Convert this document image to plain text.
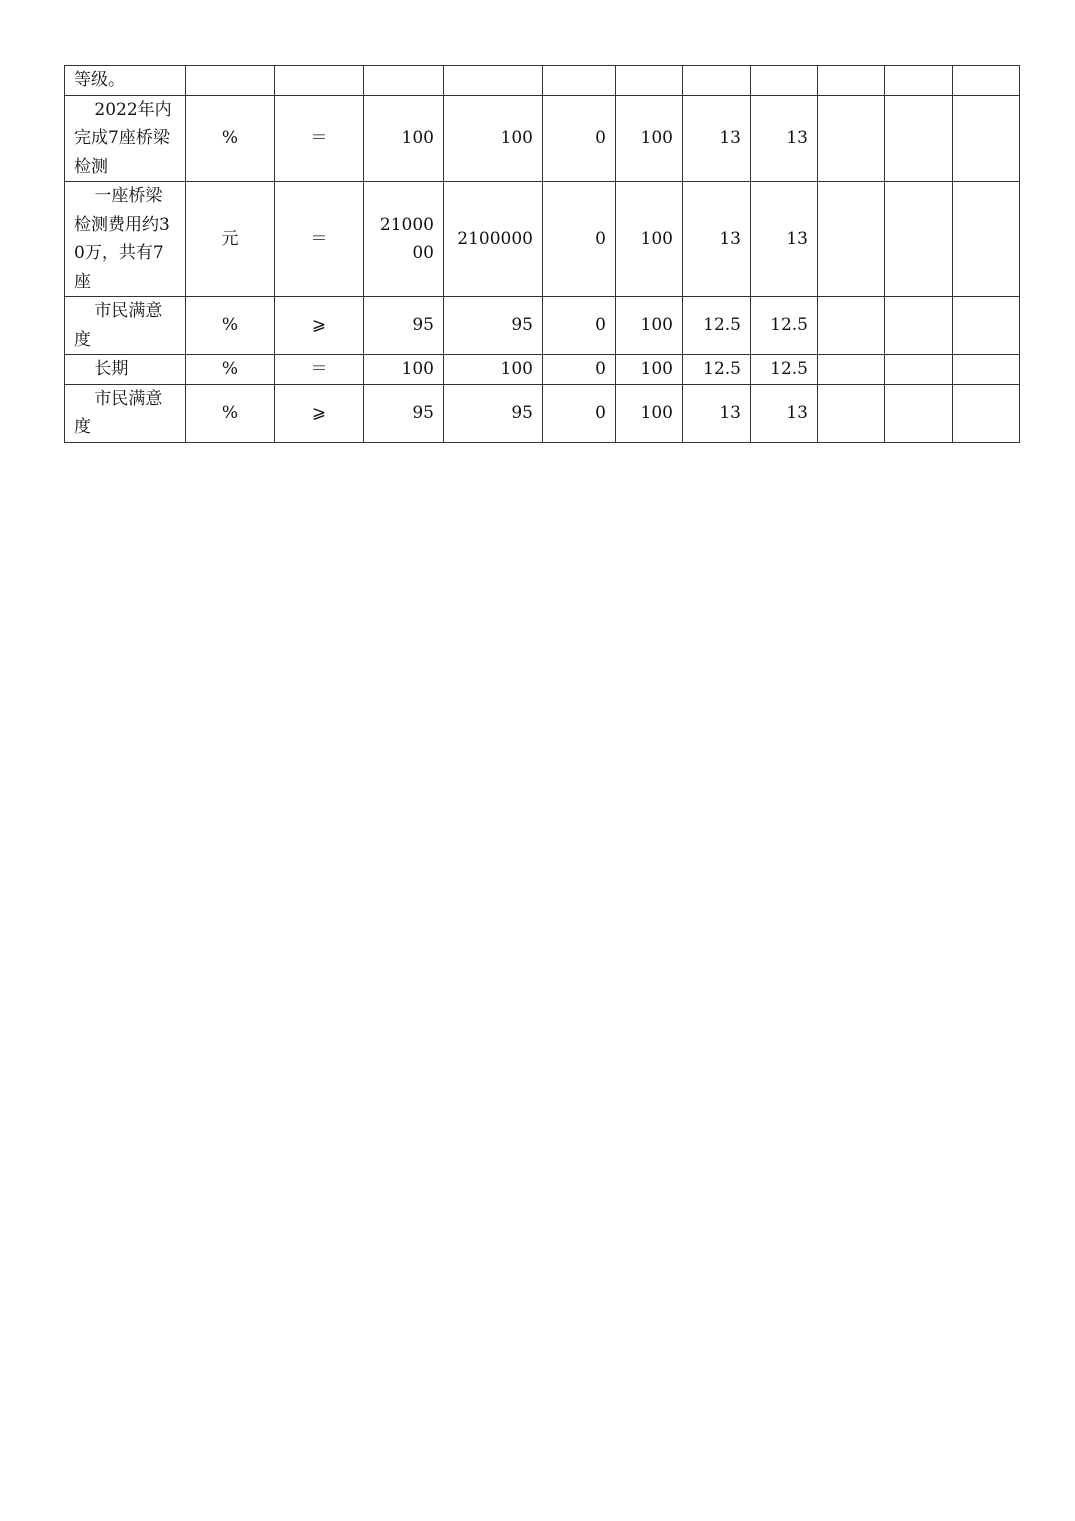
等级。											
2022年内完成7座桥梁检测	%	＝	100	100	0	100	13	13			
一座桥梁检测费用约30万，共有7座	元	＝	2100000	2100000	0	100	13	13			
市民满意度	%	⩾	95	95	0	100	12.5	12.5			
长期	%	＝	100	100	0	100	12.5	12.5			
市民满意度	%	⩾	95	95	0	100	13	13			
